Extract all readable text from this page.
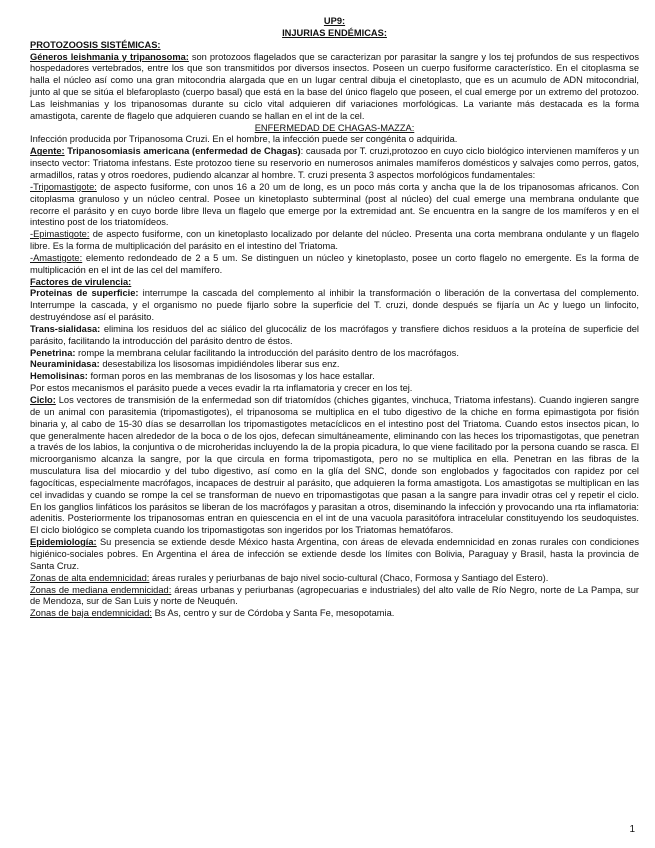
UP9:

INJURIAS ENDÉMICAS:

PROTOZOOSIS SISTÉMICAS:

Géneros leishmania y tripanosoma: son protozoos flagelados que se caracterizan por parasitar la sangre y los tej profundos de sus respectivos hospedadores vertebrados, entre los que son transmitidos por diversos insectos. Poseen un cuerpo fusiforme característico. En el citoplasma se halla el núcleo así como una gran mitocondria alargada que en un lugar central dibuja el cinetoplasto, que es un acumulo de ADN mitocondrial, junto al que se sitúa el blefaroplasto (cuerpo basal) que está en la base del único flagelo que poseen, el cual emerge por un extremo del protozoo. Las leishmanias y los tripanosomas durante su ciclo vital adquieren dif variaciones morfológicas. La variante más destacada es la forma amastigota, carente de flagelo que adquieren cuando se hallan en el int de la cel.

ENFERMEDAD DE CHAGAS-MAZZA:

Infección producida por Tripanosoma Cruzi. En el hombre, la infección puede ser congénita o adquirida.

Agente: Tripanosomiasis americana (enfermedad de Chagas): causada por T. cruzi,protozoo en cuyo ciclo biológico intervienen mamíferos y un insecto vector: Triatoma infestans. Este protozoo tiene su reservorio en numerosos animales mamíferos domésticos y salvajes como perros, gatos, armadillos, ratas y otros roedores, pudiendo alcanzar al hombre. T. cruzi presenta 3 aspectos morfológicos fundamentales:

-Tripomastigote: de aspecto fusiforme, con unos 16 a 20 um de long, es un poco más corta y ancha que la de los tripanosomas africanos. Con citoplasma granuloso y un núcleo central. Posee un kinetoplasto subterminal (post al núcleo) del cual emerge una membrana ondulante que recorre el parásito y en cuyo borde libre lleva un flagelo que emerge por la extremidad ant. Se encuentra en la sangre de los mamíferos y en el intestino post de los triatomídeos.

-Epimastigote: de aspecto fusiforme, con un kinetoplasto localizado por delante del núcleo. Presenta una corta membrana ondulante y un flagelo libre. Es la forma de multiplicación del parásito en el intestino del Triatoma.

-Amastigote: elemento redondeado de 2 a 5 um. Se distinguen un núcleo y kinetoplasto, posee un corto flagelo no emergente. Es la forma de multiplicación en el int de las cel del mamífero.

Factores de virulencia:

Proteinas de superficie: interrumpe la cascada del complemento al inhibir la transformación o liberación de la convertasa del complemento. Interrumpe la cascada, y el organismo no puede fijarlo sobre la superficie del T. cruzi, donde después se fijaría un Ac y luego un linfocito, destruyéndose así el parásito.

Trans-sialidasa: elimina los residuos del ac siálico del glucocáliz de los macrófagos y transfiere dichos residuos a la proteína de superficie del parásito, facilitando la introducción del parásito dentro de éstos.

Penetrina: rompe la membrana celular facilitando la introducción del parásito dentro de los macrófagos.

Neuraminidasa: desestabiliza los lisosomas impidiéndoles liberar sus enz.

Hemolisinas: forman poros en las membranas de los lisosomas y los hace estallar.

Por estos mecanismos el parásito puede a veces evadir la rta inflamatoria y crecer en los tej.

Ciclo: Los vectores de transmisión de la enfermedad son dif triatomídos (chiches gigantes, vinchuca, Triatoma infestans). Cuando ingieren sangre de un animal con parasitemia (tripomastigotes), el tripanosoma se multiplica en el tubo digestivo de la chiche en forma epimastigota por fisión binaria y, al cabo de 15-30 días se desarrollan los tripomastigotes metacíclicos en el intestino post del Triatoma. Cuando estos insectos pican, lo que generalmente hacen alrededor de la boca o de los ojos, defecan simultáneamente, eliminando con las heces los tripomastigotas, que penetran a través de los labios, la conjuntiva o de microheridas incluyendo la de la propia picadura, lo que viene facilitado por la persona cuando se rasca. El microorganismo alcanza la sangre, por la que circula en forma tripomastigota, pero no se multiplica en ella. Penetran en las fibras de la musculatura lisa del miocardio y del tubo digestivo, así como en la glía del SNC, donde son englobados y fagocitados con rapidez por cel fagocíticas, especialmente macrófagos, incapaces de destruir al parásito, que adquieren la forma amastigota. Los amastigotas se multiplican en las cel invadidas y cuando se rompe la cel se transforman de nuevo en tripomastigotas que pasan a la sangre para invadir otras cel y repetir el ciclo. En los ganglios linfáticos los parásitos se liberan de los macrófagos y parasitan a otros, diseminando la infección y provocando una rta inflamatoria: adenitis. Posteriormente los tripanosomas entran en quiescencia en el int de una vacuola parasitófora intracelular constituyendo los seudoquistes. El ciclo biológico se completa cuando los tripomastigotas son ingeridos por los Triatomas hematófaros.

Epidemiología: Su presencia se extiende desde México hasta Argentina, con áreas de elevada endemnicidad en zonas rurales con condiciones higiénico-sociales pobres. En Argentina el área de infección se extiende desde los límites con Bolivia, Paraguay y Brasil, hasta la provincia de Santa Cruz.

Zonas de alta endemnicidad: áreas rurales y periurbanas de bajo nivel socio-cultural (Chaco, Formosa y Santiago del Estero).

Zonas de mediana endemnicidad: áreas urbanas y periurbanas (agropecuarias e industriales) del alto valle de Río Negro, norte de La Pampa, sur de Mendoza, sur de San Luis y norte de Neuquén.

Zonas de baja endemnicidad: Bs As, centro y sur de Córdoba y Santa Fe, mesopotamia.

1
